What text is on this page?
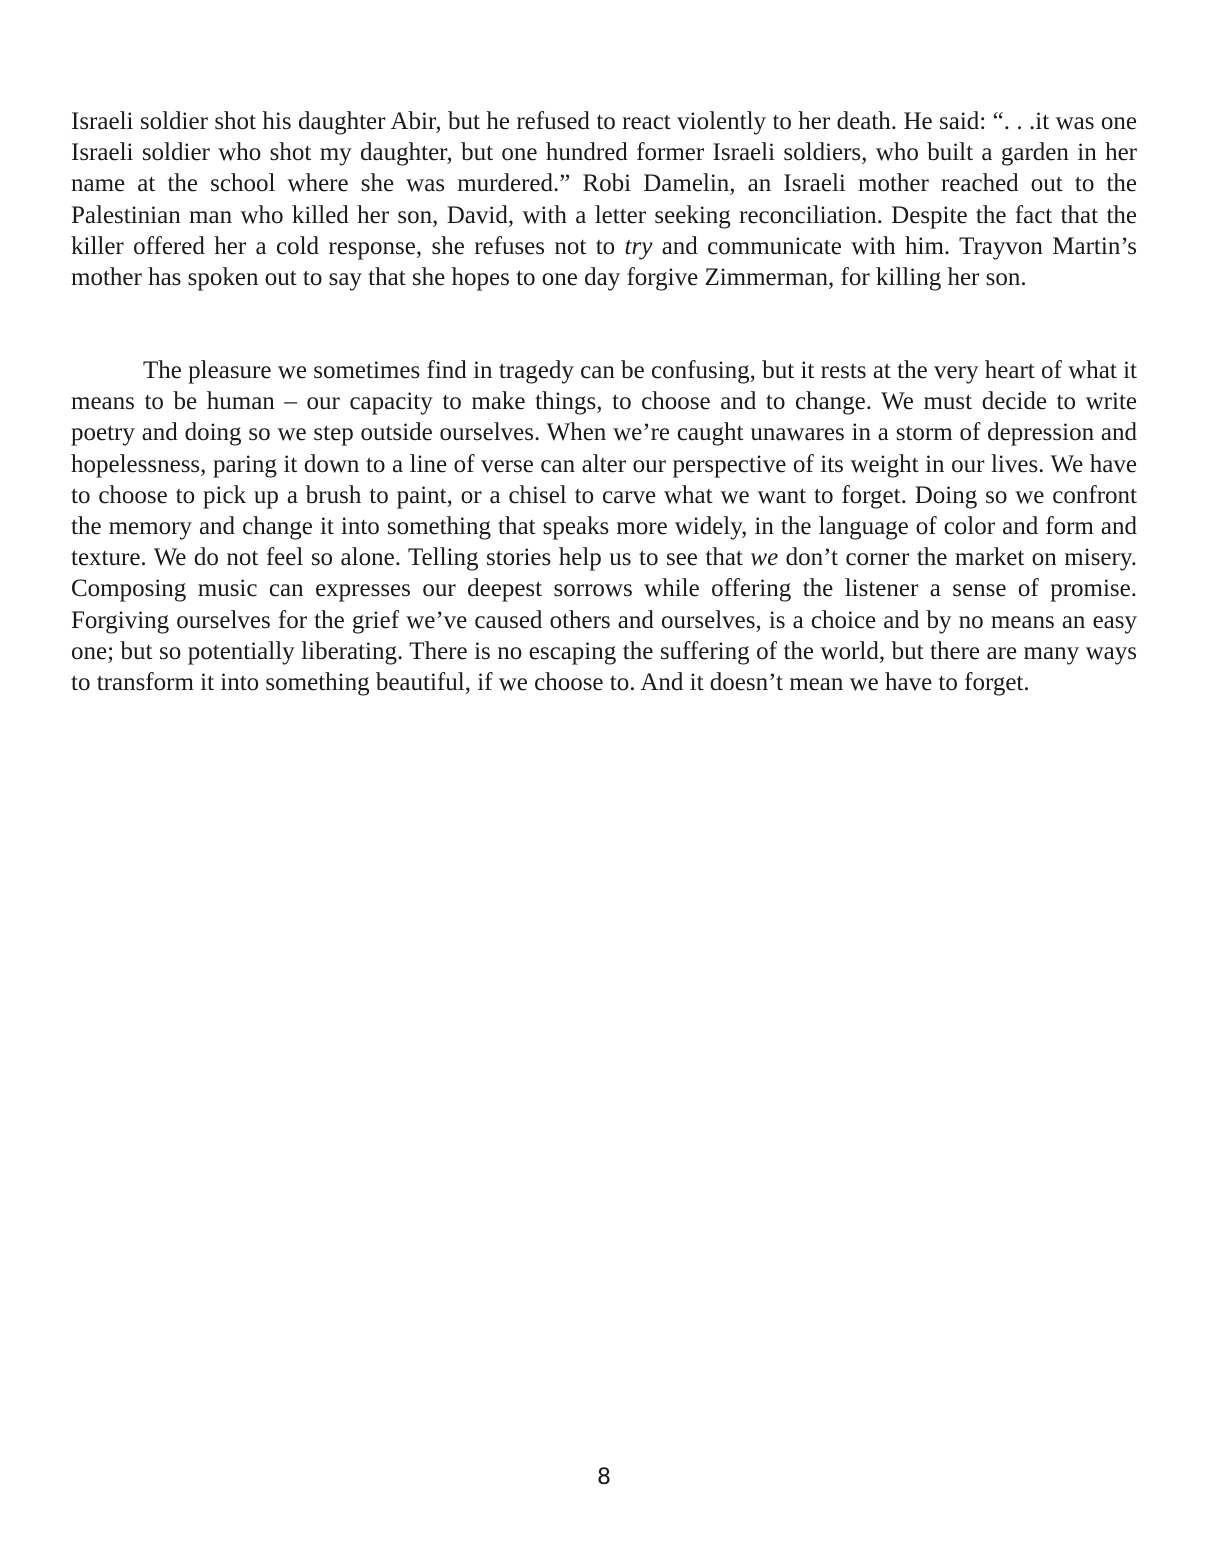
Israeli soldier shot his daughter Abir, but he refused to react violently to her death. He said: “. . .it was one Israeli soldier who shot my daughter, but one hundred former Israeli soldiers, who built a garden in her name at the school where she was murdered.” Robi Damelin, an Israeli mother reached out to the Palestinian man who killed her son, David, with a letter seeking reconciliation. Despite the fact that the killer offered her a cold response, she refuses not to try and communicate with him. Trayvon Martin’s mother has spoken out to say that she hopes to one day forgive Zimmerman, for killing her son.

The pleasure we sometimes find in tragedy can be confusing, but it rests at the very heart of what it means to be human – our capacity to make things, to choose and to change. We must decide to write poetry and doing so we step outside ourselves. When we’re caught unawares in a storm of depression and hopelessness, paring it down to a line of verse can alter our perspective of its weight in our lives. We have to choose to pick up a brush to paint, or a chisel to carve what we want to forget. Doing so we confront the memory and change it into something that speaks more widely, in the language of color and form and texture. We do not feel so alone. Telling stories help us to see that we don’t corner the market on misery. Composing music can expresses our deepest sorrows while offering the listener a sense of promise. Forgiving ourselves for the grief we’ve caused others and ourselves, is a choice and by no means an easy one; but so potentially liberating. There is no escaping the suffering of the world, but there are many ways to transform it into something beautiful, if we choose to. And it doesn’t mean we have to forget.

8
